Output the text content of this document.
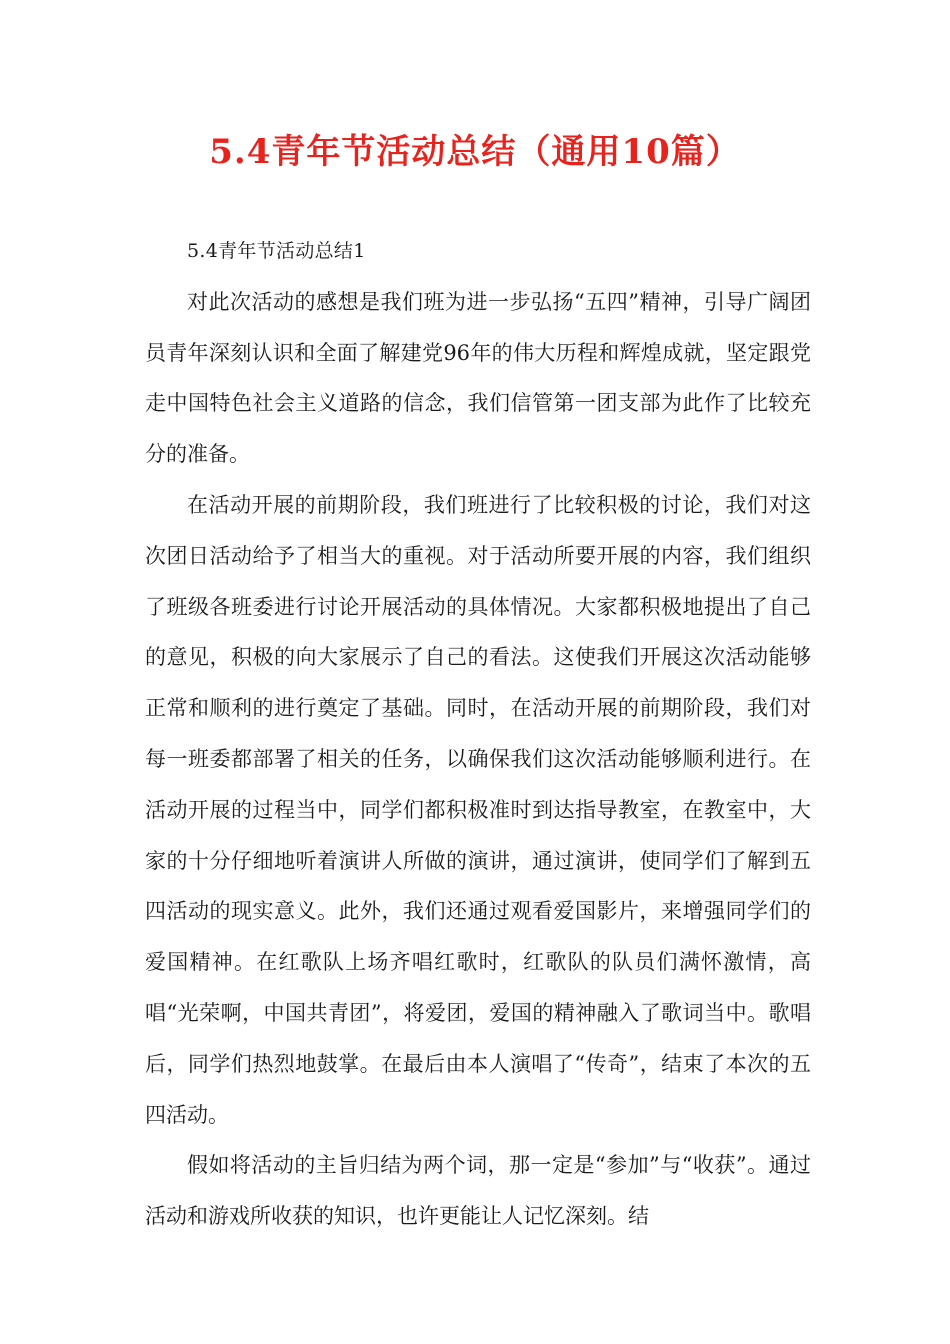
5.4青年节活动总结（通用10篇）

5.4青年节活动总结1

对此次活动的感想是我们班为进一步弘扬“五四”精神，引导广阔团员青年深刻认识和全面了解建党96年的伟大历程和辉煌成就，坚定跟党走中国特色社会主义道路的信念，我们信管第一团支部为此作了比较充分的准备。

在活动开展的前期阶段，我们班进行了比较积极的讨论，我们对这次团日活动给予了相当大的重视。对于活动所要开展的内容，我们组织了班级各班委进行讨论开展活动的具体情况。大家都积极地提出了自己的意见，积极的向大家展示了自己的看法。这使我们开展这次活动能够正常和顺利的进行奠定了基础。同时，在活动开展的前期阶段，我们对每一班委都部署了相关的任务，以确保我们这次活动能够顺利进行。在活动开展的过程当中，同学们都积极准时到达指导教室，在教室中，大家的十分仔细地听着演讲人所做的演讲，通过演讲，使同学们了解到五四活动的现实意义。此外，我们还通过观看爱国影片，来增强同学们的爱国精神。在红歌队上场齐唱红歌时，红歌队的队员们满怀激情，高唱“光荣啊，中国共青团”，将爱团，爱国的精神融入了歌词当中。歌唱后，同学们热烈地鼓掌。在最后由本人演唱了“传奇”，结束了本次的五四活动。

假如将活动的主旨归结为两个词，那一定是“参加”与“收获”。通过活动和游戏所收获的知识，也许更能让人记忆深刻。结
